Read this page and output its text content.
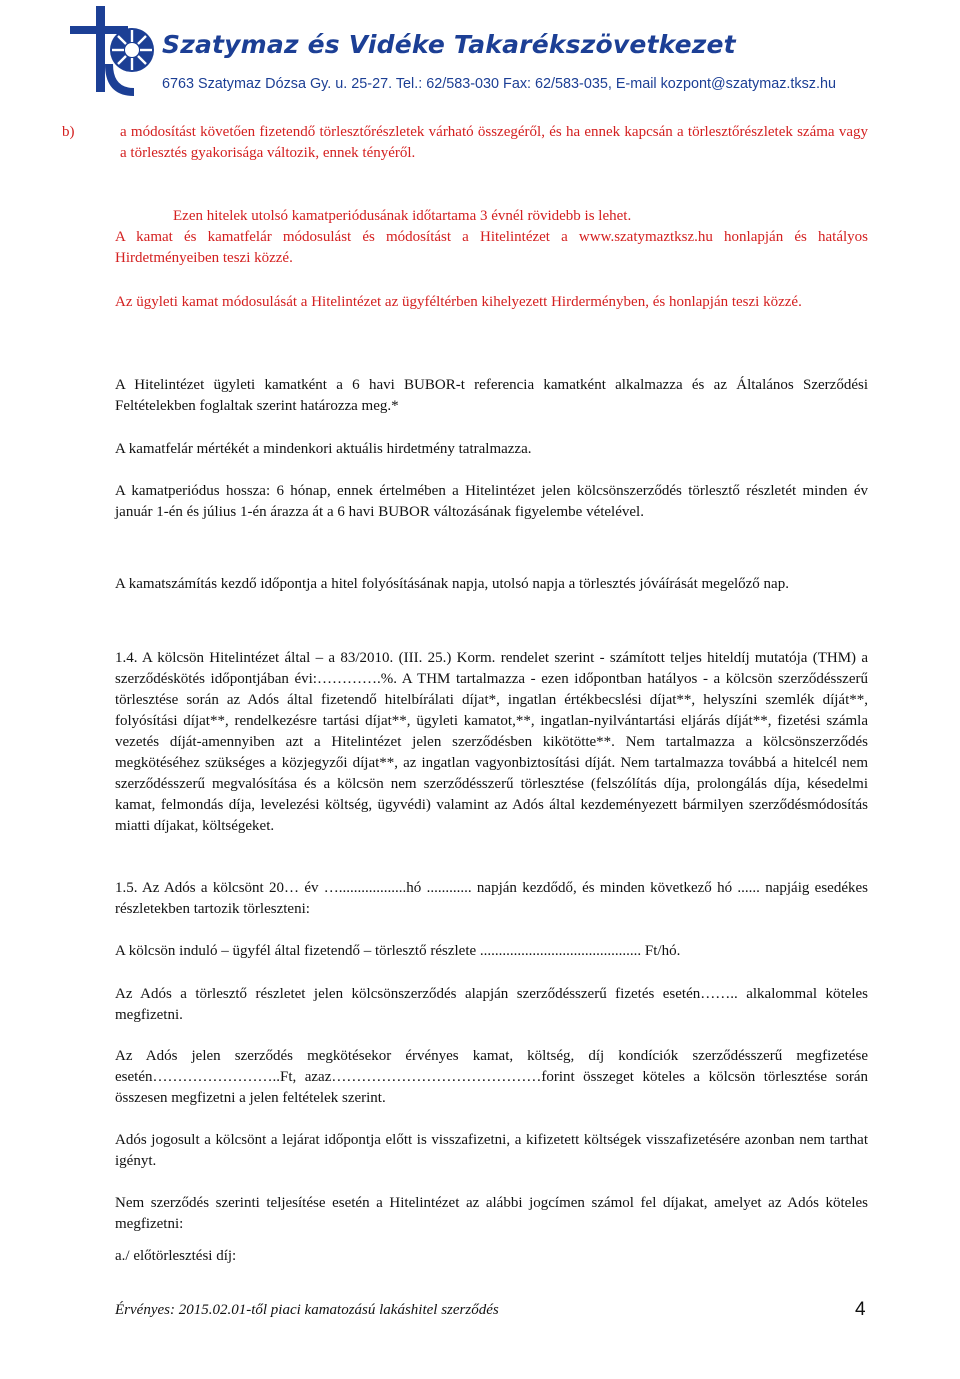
Szatymaz és Vidéke Takarékszövetkezet
6763 Szatymaz Dózsa Gy. u. 25-27. Tel.: 62/583-030 Fax: 62/583-035, E-mail kozpont@szatymaz.tksz.hu
b)	a módosítást követően fizetendő törlesztőrészletek várható összegéről, és ha ennek kapcsán a törlesztőrészletek száma vagy a törlesztés gyakorisága változik, ennek tényéről.

Ezen hitelek utolsó kamatperiódusának időtartama 3 évnél rövidebb is lehet.

A kamat és kamatfelár módosulást és módosítást a Hitelintézet a www.szatymaztksz.hu honlapján és hatályos Hirdetményeiben teszi közzé.

Az ügyleti kamat módosulását a Hitelintézet az ügyféltérben kihelyezett Hirderményben, és honlapján teszi közzé.

A Hitelintézet ügyleti kamatként a 6 havi BUBOR-t referencia kamatként alkalmazza és az Általános Szerződési Feltételekben foglaltak szerint határozza meg.*

A kamatfelár mértékét a mindenkori aktuális hirdetmény tatralmazza.

A kamatperiódus hossza: 6 hónap, ennek értelmében a Hitelintézet jelen kölcsönszerződés törlesztő részletét minden év január 1-én és július 1-én árazza át a 6 havi BUBOR változásának figyelembe vételével.

A kamatszámítás kezdő időpontja a hitel folyósításának napja, utolsó napja a törlesztés jóváírását megelőző nap.

1.4. A kölcsön Hitelintézet által – a 83/2010. (III. 25.) Korm. rendelet szerint - számított teljes hiteldíj mutatója (THM) a szerződéskötés időpontjában évi:………….%. A THM tartalmazza - ezen időpontban hatályos - a kölcsön szerződésszerű törlesztése során az Adós által fizetendő hitelbírálati díjat*, ingatlan értékbecslési díjat**, helyszíni szemlék díját**, folyósítási díjat**, rendelkezésre tartási díjat**, ügyleti kamatot,**, ingatlan-nyilvántartási eljárás díját**, fizetési számla vezetés díját-amennyiben azt a Hitelintézet jelen szerződésben kikötötte**. Nem tartalmazza a kölcsönszerződés megkötéséhez szükséges a közjegyzői díjat**, az ingatlan vagyonbiztosítási díját. Nem tartalmazza továbbá a hitelcél nem szerződésszerű megvalósítása és a kölcsön nem szerződésszerű törlesztése (felszólítás díja, prolongálás díja, késedelmi kamat, felmondás díja, levelezési költség, ügyvédi) valamint az Adós által kezdeményezett bármilyen szerződésmódosítás miatti díjakat, költségeket.

1.5. Az Adós a kölcsönt 20… év …..................hó ............ napján kezdődő, és minden következő hó ...... napjáig esedékes részletekben tartozik törleszteni:

A kölcsön induló – ügyfél által fizetendő – törlesztő részlete ........................................... Ft/hó.

Az Adós a törlesztő részletet jelen kölcsönszerződés alapján szerződésszerű fizetés esetén…….. alkalommal köteles megfizetni.

Az Adós jelen szerződés megkötésekor érvényes kamat, költség, díj kondíciók szerződésszerű megfizetése esetén……………………..Ft, azaz……………………………………forint összeget köteles a kölcsön törlesztése során összesen megfizetni a jelen feltételek szerint.

Adós jogosult a kölcsönt a lejárat időpontja előtt is visszafizetni, a kifizetett költségek visszafizetésére azonban nem tarthat igényt.

Nem szerződés szerinti teljesítése esetén a Hitelintézet az alábbi jogcímen számol fel díjakat, amelyet az Adós köteles megfizetni:

a./ előtörlesztési díj:

Érvényes: 2015.02.01-től piaci kamatozású lakáshitel szerződés	4
